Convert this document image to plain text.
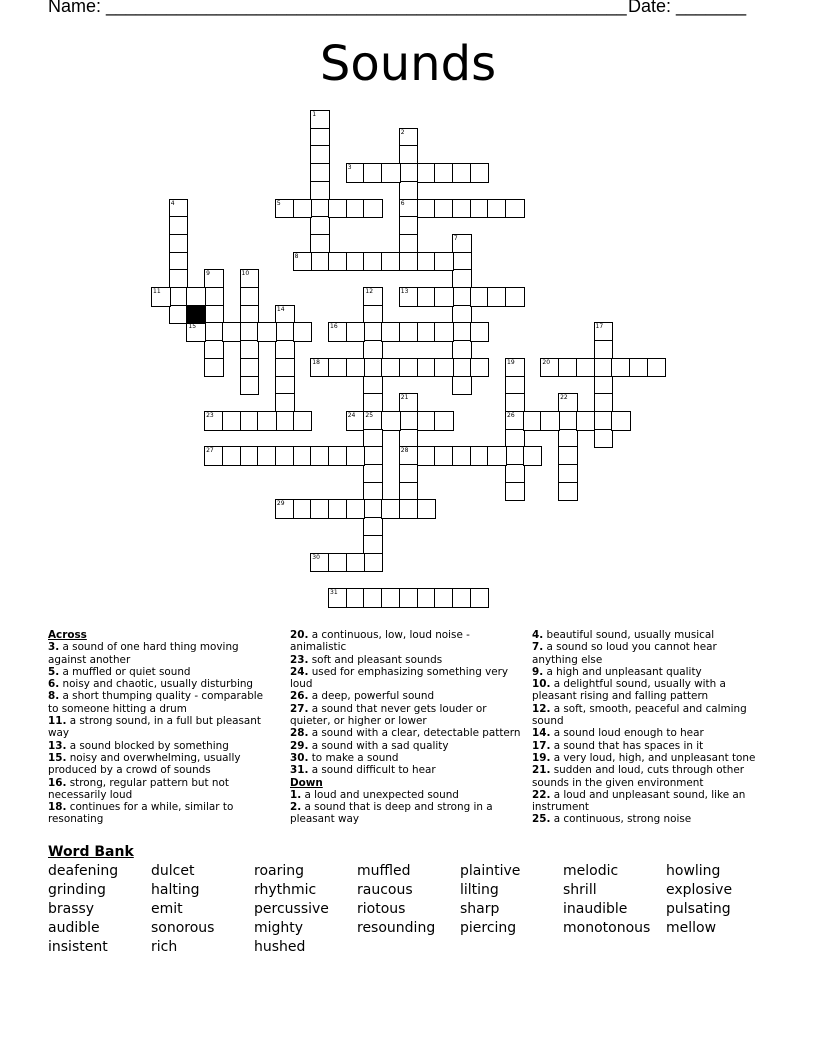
Name: ____________________________________________________ Date: _______
Sounds
1
2
3
4	5	6
7
8
9	10
11	12	13
14
15	16	17
18	19	20
21	22
23	24 25	26
27	28
29
30
31
Across
3. a sound of one hard thing moving against another
5. a muffled or quiet sound
6. noisy and chaotic, usually disturbing
8. a short thumping quality - comparable to someone hitting a drum
11. a strong sound, in a full but pleasant way
13. a sound blocked by something
15. noisy and overwhelming, usually produced by a crowd of sounds
16. strong, regular pattern but not necessarily loud
18. continues for a while, similar to resonating
20. a continuous, low, loud noise - animalistic
23. soft and pleasant sounds
24. used for emphasizing something very loud
26. a deep, powerful sound
27. a sound that never gets louder or quieter, or higher or lower
28. a sound with a clear, detectable pattern
29. a sound with a sad quality
30. to make a sound
31. a sound difficult to hear
Down
1. a loud and unexpected sound
2. a sound that is deep and strong in a pleasant way
4. beautiful sound, usually musical
7. a sound so loud you cannot hear anything else
9. a high and unpleasant quality
10. a delightful sound, usually with a pleasant rising and falling pattern
12. a soft, smooth, peaceful and calming sound
14. a sound loud enough to hear
17. a sound that has spaces in it
19. a very loud, high, and unpleasant tone
21. sudden and loud, cuts through other sounds in the given environment
22. a loud and unpleasant sound, like an instrument
25. a continuous, strong noise
Word Bank
deafening	dulcet	roaring	muffled	plaintive	melodic	howling
grinding	halting	rhythmic	raucous	lilting	shrill	explosive
brassy	emit	percussive	riotous	sharp	inaudible	pulsating
audible	sonorous	mighty	resounding	piercing	monotonous	mellow
insistent	rich	hushed
